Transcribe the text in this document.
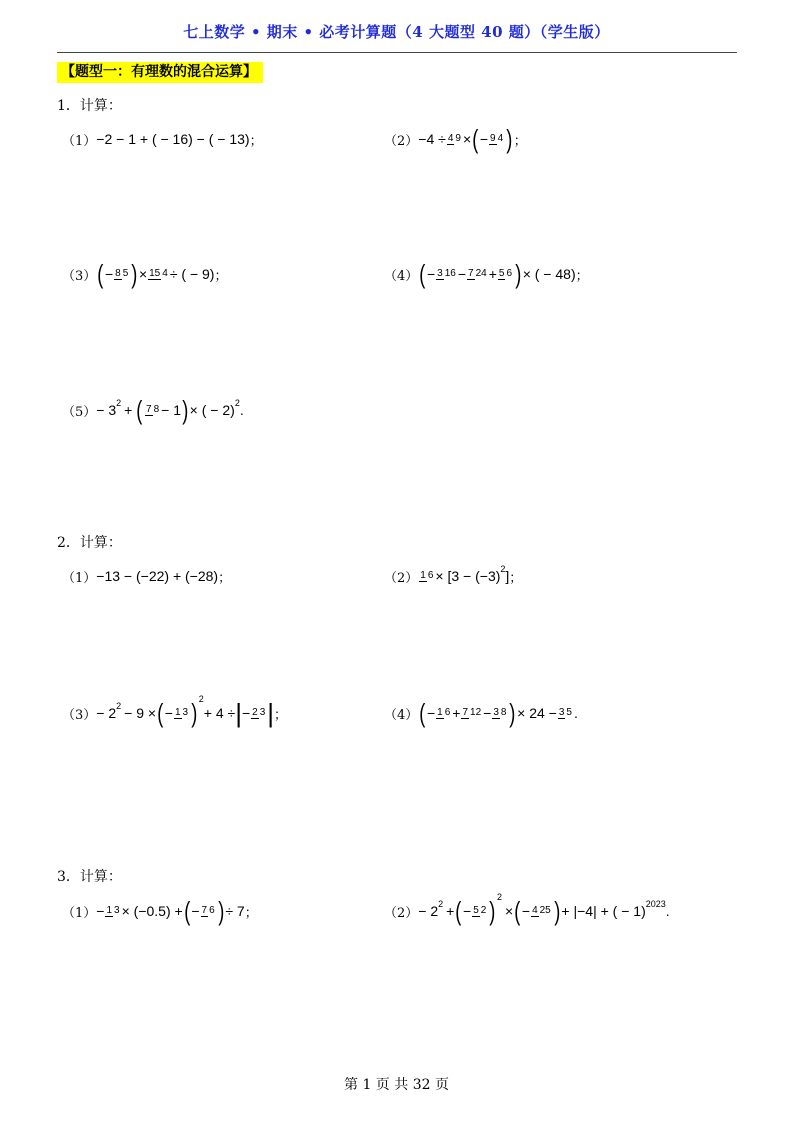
七上数学 • 期末 • 必考计算题（4 大题型 40 题）（学生版）
【题型一：有理数的混合运算】
1．计算：
（1） −2 − 1 + ( − 16) − ( − 13) ；	（2） −4 ÷ 4 9 × ( − 9 4 ) ；
（3） ( − 8 5 ) × 15 4 ÷ ( − 9) ；	（4） ( − 3 16 − 7 24 + 5 6 ) × ( − 48) ；
（5） − 3 2 + ( 7 8 − 1 ) × ( − 2) 2 .
2．计算：
（1） −13 − (−22) + (−28) ；	（2） 1 6 × [3 − (−3) 2 ] ；
（3） − 2 2 − 9 × ( − 1 3 ) 2
+ 4 ÷ | − 2 3 | ；	（4） ( − 1 6 + 7 12 − 3 8 ) × 24 − 3 5 .
3．计算：
（1） − 1 3 × (−0.5) + ( − 7 6 ) ÷ 7 ；	（2） − 2 2 + ( − 5 2 ) 2
× ( − 4 25 ) + |−4| + ( − 1) 2023 .
第 1 页 共 32 页
